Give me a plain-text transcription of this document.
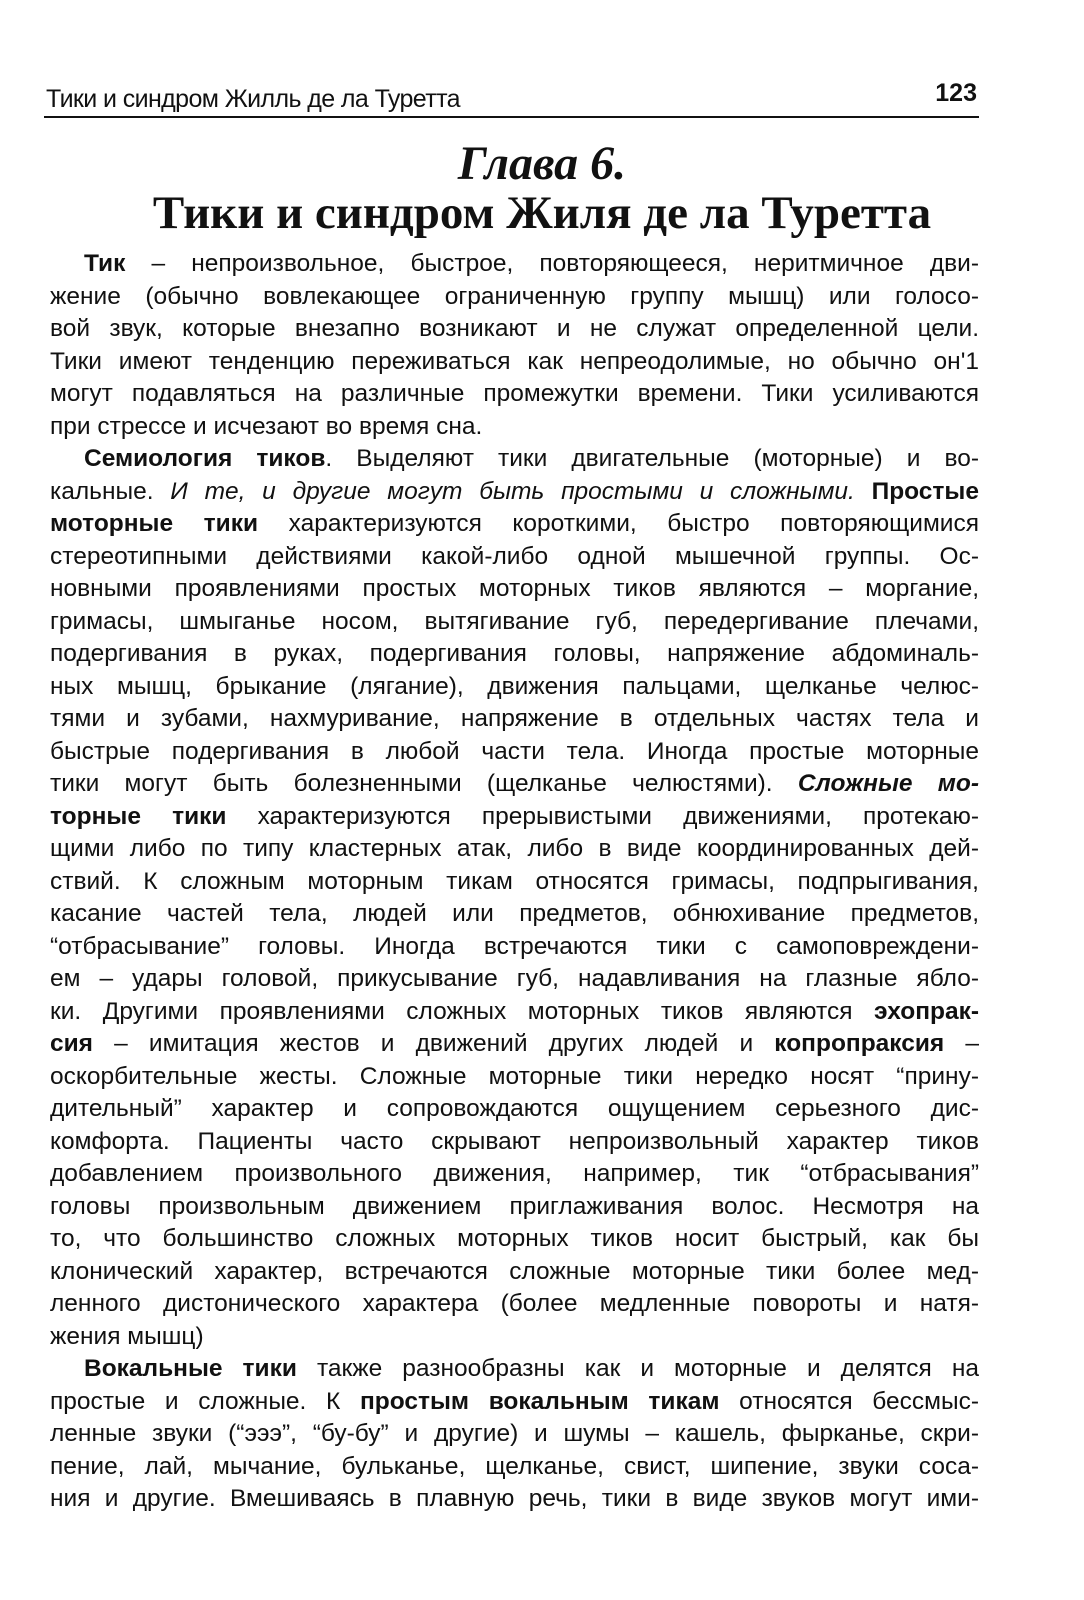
Тики и синдром Жилль де ла Туретта	123
Глава 6.
Тики и синдром Жиля де ла Туретта
Тик – непроизвольное, быстрое, повторяющееся, неритмичное дви-
жение (обычно вовлекающее ограниченную группу мышц) или голосо-
вой звук, которые внезапно возникают и не служат определенной цели.
Тики имеют тенденцию переживаться как непреодолимые, но обычно он'1
могут подавляться на различные промежутки времени. Тики усиливаются
при стрессе и исчезают во время сна.
Семиология тиков. Выделяют тики двигательные (моторные) и во-
кальные. И те, и другие могут быть простыми и сложными. Простые
моторные тики характеризуются короткими, быстро повторяющимися
стереотипными действиями какой-либо одной мышечной группы. Ос-
новными проявлениями простых моторных тиков являются – моргание,
гримасы, шмыганье носом, вытягивание губ, передергивание плечами,
подергивания в руках, подергивания головы, напряжение абдоминаль-
ных мышц, брыкание (лягание), движения пальцами, щелканье челюс-
тями и зубами, нахмуривание, напряжение в отдельных частях тела и
быстрые подергивания в любой части тела. Иногда простые моторные
тики могут быть болезненными (щелканье челюстями). Сложные мо-
торные тики характеризуются прерывистыми движениями, протекаю-
щими либо по типу кластерных атак, либо в виде координированных дей-
ствий. К сложным моторным тикам относятся гримасы, подпрыгивания,
касание частей тела, людей или предметов, обнюхивание предметов,
“отбрасывание” головы. Иногда встречаются тики с самоповреждени-
ем – удары головой, прикусывание губ, надавливания на глазные ябло-
ки. Другими проявлениями сложных моторных тиков являются эхопрак-
сия – имитация жестов и движений других людей и копропраксия –
оскорбительные жесты. Сложные моторные тики нередко носят “прину-
дительный” характер и сопровождаются ощущением серьезного дис-
комфорта. Пациенты часто скрывают непроизвольный характер тиков
добавлением произвольного движения, например, тик “отбрасывания”
головы произвольным движением приглаживания волос. Несмотря на
то, что большинство сложных моторных тиков носит быстрый, как бы
клонический характер, встречаются сложные моторные тики более мед-
ленного дистонического характера (более медленные повороты и натя-
жения мышц)
Вокальные тики также разнообразны как и моторные и делятся на
простые и сложные. К простым вокальным тикам относятся бессмыс-
ленные звуки (“эээ”, “бу-бу” и другие) и шумы – кашель, фырканье, скри-
пение, лай, мычание, бульканье, щелканье, свист, шипение, звуки соса-
ния и другие. Вмешиваясь в плавную речь, тики в виде звуков могут ими-
